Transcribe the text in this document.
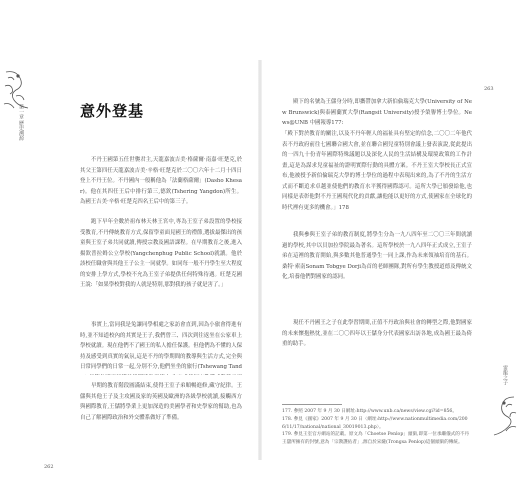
第一章 歷史溯源	意外登基

不丹王國第五任世襲君主,天龍嘉波吉美·格薩爾·南嘉·旺楚克,於其父王第四任天龍嘉波吉美·辛格·旺楚克於二〇〇六年十二月十四日登上不丹王位。不丹國內一般稱他為「法蘭格薩爾」(Dasho Khesar)。他在其四任王后中排行第三,德欽(Tshering Yangdon)所生。為國王吉美·辛格·旺楚克四名王后中的第三子。

跑下早年全數於祖布林天林王宮中,專為王室子弟設置的學校接受教育,不丹傳統教育方式,保留學童面見國王的禮節,選拔最傑出的孩童與王室子弟共同就讀,傳授宗教及國語課程。在早期教育之後,進入揚欽普拉姆公立學校(Yangchenphug Public School)就讀。他於該校任職會與其他王子公主一同就學。如同每一般不丹學生至大程度的安排上學方式,學校不允為王室子弟提供任何特殊待遇。旺楚克國王說:「如果學校對我的人就是特別,那對我的孩子就是害了。」

事實上,當同我是兔讓同學相處之家訪會直到,因為小旅會得進有時,並不知道校內的其實是王子,我們曾三、四次到往返坐在公家車上學校就讀。現在他們不了國王的私人擔任保護。但他們為不懂的人保持及感受到真實的氣氛,這是不丹的學期間的教導與生活方式,完全與日常同學們的日常一起,分別不分,他們坐坐的旅行(Tshewang Tand

早期的教育階段圓滿結束,使得王室子弟順暢進修,藏守紀律。王儲與其他王子及主攻國及家的英國及歐洲的各級學校就讀,接觸西方與國際教育,王儲將學業上更加深造的美國學者和史學家的幫助,也為自己了解國際政治和外交體系做好了準備。

262
263

殿下的名號為王儲身分時,即攜帶加拿大新伯倫瑞克大學(University of New Brunswick)與泰國蘭實大學(Rangsit University)授予榮譽博士學位。News@UNB 中國報導177:

「殿下對於教育的關注,以及不丹年輕人的福祉具有堅定的信念,二〇〇二年他代表不丹政府前往七國聯合國大會,並在聯合國兒童特別會議上發表演說,從此提出的一四九十份青年國際特殊議題以及深化人民的生活結構及環境政策的工作計畫,這是為謀求兒童福祉的證明實際行動的具體方案。不丹王室大學校長正式宣布,他被授予新伯倫瑞克大學的博士學位的過程中表現出來的,為了不丹的生活方式而不斷追求卓越並使他們的教育水平獲得國際認可。這所大學已頒發給他,也同樣是表彰他對不丹王國現代化的貢獻,讓他能以更好的方式,使國家在全球化的時代裡有更多的機會。」178

我與參與王室子弟的教育制度,將學生分為一九八四年至二〇〇三年間就讀過的學校,其中以貝加拉學院最為著名。這所學校於一九八四年正式成立,王室子弟在這裡的教育開始,與多數其他普通學生一同上課,作為未來領袖培育的基石。桑特·索南Sonam Tobgye Dorji為首的老師團隊,對所有學生教授道德及傳統文化,培養他們對國家的認同。

現任不丹國王之子在此學習期間,正值不丹政治與社會的轉型之際,他對國家的未來懷抱熱忱,並在二〇〇四年以王儲身分代表國家出訪各地,成為國王最為倚重的助手。

177. 參照 2007 年 9 月 30 日網址:http://www.unb.ca/news/view.cgi?id=856。

178. 參見《國家》2007 年 9 月 30 日〈網址:http://www.nationmultimedia.com/2006/11/17/national/national_30019013.php〉。

179. 參見王室官方網站的記載。原文為「Choetse Penlop」頭銜,即第一位承繼儀式的不丹王儲所擁有的封號,意為「宗教護佑者」,源自於宋薩(Trongsa Penlop)這個頭銜的傳統。

雷龍之子
